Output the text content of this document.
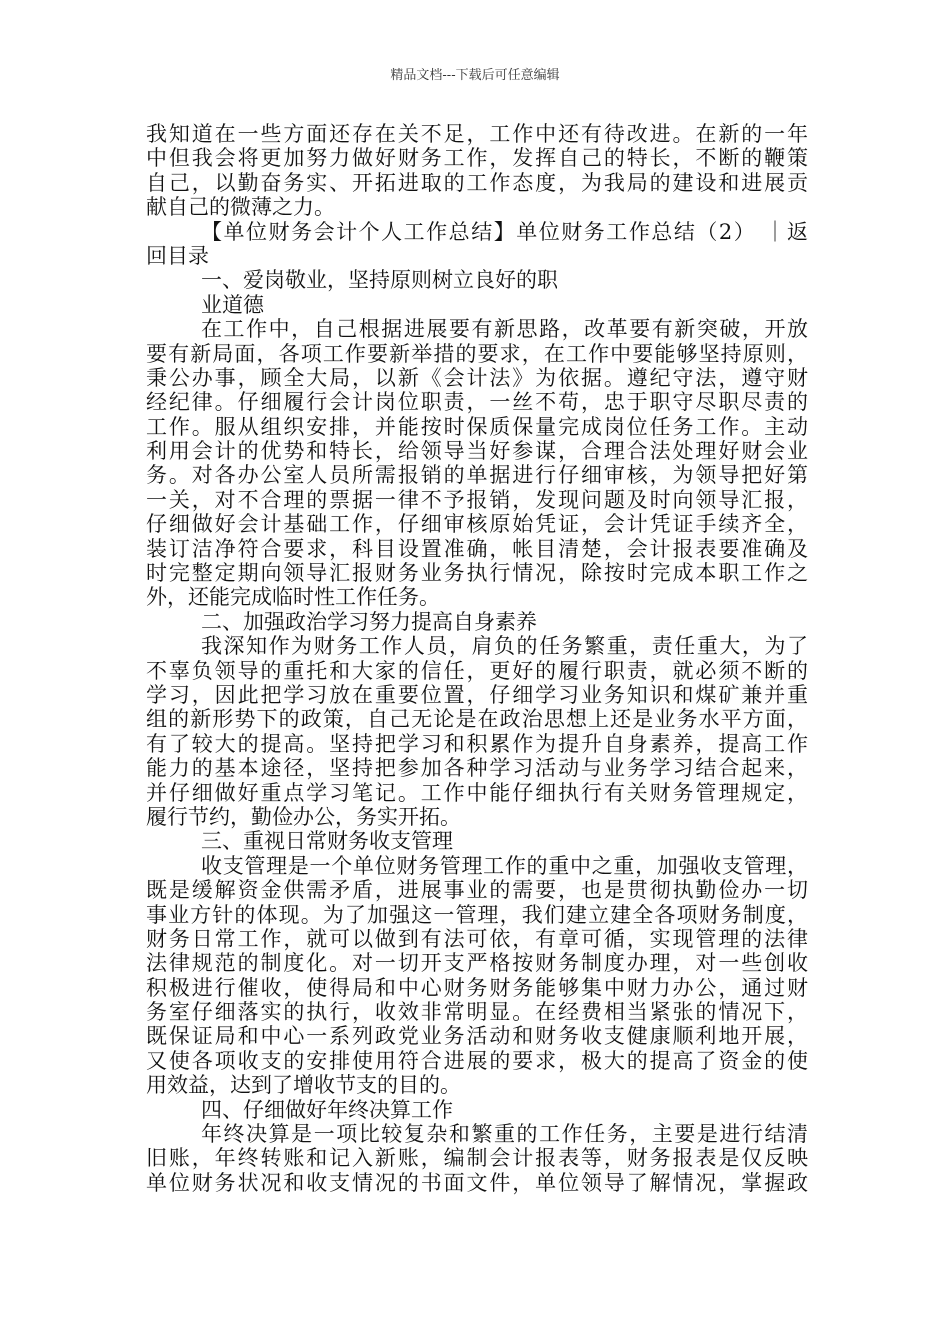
精品文档---下载后可任意编辑
我知道在一些方面还存在关不足，工作中还有待改进。在新的一年
中但我会将更加努力做好财务工作，发挥自己的特长，不断的鞭策
自己，以勤奋务实、开拓进取的工作态度，为我局的建设和进展贡
献自己的微薄之力。
【单位财务会计个人工作总结】单位财务工作总结（2） ｜返
回目录
一、爱岗敬业，坚持原则树立良好的职
业道德
在工作中，自己根据进展要有新思路，改革要有新突破，开放
要有新局面，各项工作要新举措的要求，在工作中要能够坚持原则，
秉公办事，顾全大局，以新《会计法》为依据。遵纪守法，遵守财
经纪律。仔细履行会计岗位职责，一丝不苟，忠于职守尽职尽责的
工作。服从组织安排，并能按时保质保量完成岗位任务工作。主动
利用会计的优势和特长，给领导当好参谋，合理合法处理好财会业
务。对各办公室人员所需报销的单据进行仔细审核，为领导把好第
一关，对不合理的票据一律不予报销，发现问题及时向领导汇报，
仔细做好会计基础工作，仔细审核原始凭证，会计凭证手续齐全，
装订洁净符合要求，科目设置准确，帐目清楚，会计报表要准确及
时完整定期向领导汇报财务业务执行情况，除按时完成本职工作之
外，还能完成临时性工作任务。
二、加强政治学习努力提高自身素养
我深知作为财务工作人员，肩负的任务繁重，责任重大，为了
不辜负领导的重托和大家的信任，更好的履行职责，就必须不断的
学习，因此把学习放在重要位置，仔细学习业务知识和煤矿兼并重
组的新形势下的政策，自己无论是在政治思想上还是业务水平方面，
有了较大的提高。坚持把学习和积累作为提升自身素养，提高工作
能力的基本途径，坚持把参加各种学习活动与业务学习结合起来，
并仔细做好重点学习笔记。工作中能仔细执行有关财务管理规定，
履行节约，勤俭办公，务实开拓。
三、重视日常财务收支管理
收支管理是一个单位财务管理工作的重中之重，加强收支管理，
既是缓解资金供需矛盾，进展事业的需要，也是贯彻执勤俭办一切
事业方针的体现。为了加强这一管理，我们建立建全各项财务制度，
财务日常工作，就可以做到有法可依，有章可循，实现管理的法律
法律规范的制度化。对一切开支严格按财务制度办理，对一些创收
积极进行催收，使得局和中心财务财务能够集中财力办公，通过财
务室仔细落实的执行，收效非常明显。在经费相当紧张的情况下，
既保证局和中心一系列政党业务活动和财务收支健康顺利地开展，
又使各项收支的安排使用符合进展的要求，极大的提高了资金的使
用效益，达到了增收节支的目的。
四、仔细做好年终决算工作
年终决算是一项比较复杂和繁重的工作任务，主要是进行结清
旧账，年终转账和记入新账，编制会计报表等，财务报表是仅反映
单位财务状况和收支情况的书面文件，单位领导了解情况，掌握政
